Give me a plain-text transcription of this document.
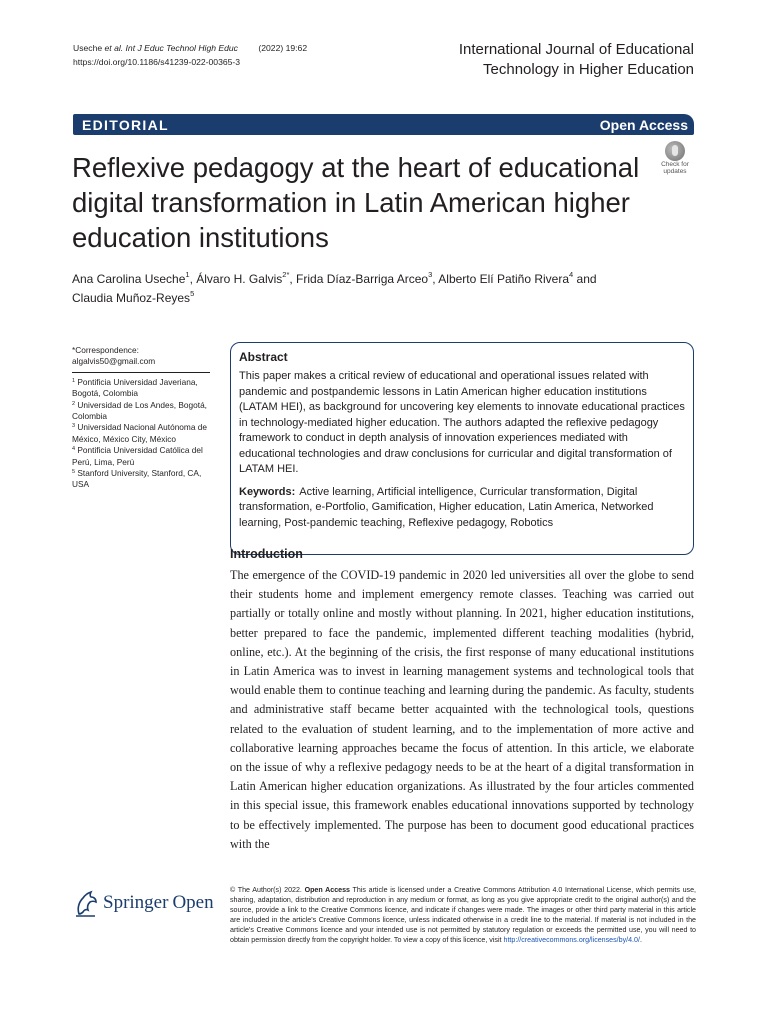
Useche et al. Int J Educ Technol High Educ (2022) 19:62
https://doi.org/10.1186/s41239-022-00365-3
International Journal of Educational
Technology in Higher Education
EDITORIAL	Open Access
Reflexive pedagogy at the heart of educational digital transformation in Latin American higher education institutions
Check for
updates
Ana Carolina Useche$^1$, Álvaro H. Galvis$^{2*}$, Frida Díaz-Barriga Arceo$^3$, Alberto Elí Patiño Rivera$^4$ and
Claudia Muñoz-Reyes$^5$
*Correspondence:
algalvis50@gmail.com

$^1$ Pontificia Universidad Javeriana, Bogotá, Colombia

$^2$ Universidad de Los Andes, Bogotá, Colombia

$^3$ Universidad Nacional Autónoma de México, México City, México

$^4$ Pontificia Universidad Católica del Perú, Lima, Perú

$^5$ Stanford University, Stanford, CA, USA

Abstract

This paper makes a critical review of educational and operational issues related with pandemic and postpandemic lessons in Latin American higher education institutions (LATAM HEI), as background for uncovering key elements to innovate educational practices in technology-mediated higher education. The authors adapted the reflexive pedagogy framework to conduct in depth analysis of innovation experiences mediated with educational technologies and draw conclusions for curricular and digital transformation of LATAM HEI.

Keywords: Active learning, Artificial intelligence, Curricular transformation, Digital transformation, e-Portfolio, Gamification, Higher education, Latin America, Networked learning, Post-pandemic teaching, Reflexive pedagogy, Robotics

Introduction
The emergence of the COVID-19 pandemic in 2020 led universities all over the globe to send their students home and implement emergency remote classes. Teaching was carried out partially or totally online and mostly without planning. In 2021, higher education institutions, better prepared to face the pandemic, implemented different teaching modalities (hybrid, online, etc.). At the beginning of the crisis, the first response of many educational institutions in Latin America was to invest in learning management systems and technological tools that would enable them to continue teaching and learning during the pandemic. As faculty, students and administrative staff became better acquainted with the technological tools, questions related to the evaluation of student learning, and to the implementation of more active and collaborative learning approaches became the focus of attention. In this article, we elaborate on the issue of why a reflexive pedagogy needs to be at the heart of a digital transformation in Latin American higher education organizations. As illustrated by the four articles commented in this special issue, this framework enables educational innovations supported by technology to be effectively implemented. The purpose has been to document good educational practices with the
Springer Open
© The Author(s) 2022. Open Access This article is licensed under a Creative Commons Attribution 4.0 International License, which permits use, sharing, adaptation, distribution and reproduction in any medium or format, as long as you give appropriate credit to the original author(s) and the source, provide a link to the Creative Commons licence, and indicate if changes were made. The images or other third party material in this article are included in the article’s Creative Commons licence, unless indicated otherwise in a credit line to the material. If material is not included in the article’s Creative Commons licence and your intended use is not permitted by statutory regulation or exceeds the permitted use, you will need to obtain permission directly from the copyright holder. To view a copy of this licence, visit http://creativecommons.org/licenses/by/4.0/.
